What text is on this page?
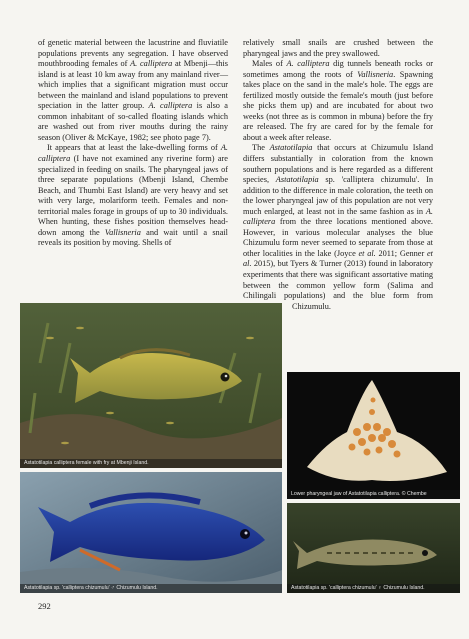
of genetic material between the lacustrine and fluviatile populations prevents any segregation. I have observed mouthbrooding females of A. calliptera at Mbenji—this island is at least 10 km away from any mainland river—which implies that a significant migration must occur between the mainland and island populations to prevent speciation in the latter group. A. calliptera is also a common inhabitant of so-called floating islands which are washed out from river mouths during the rainy season (Oliver & McKaye, 1982; see photo page 7).

It appears that at least the lake-dwelling forms of A. calliptera (I have not examined any riverine form) are specialized in feeding on snails. The pharyngeal jaws of three separate populations (Mbenji Island, Chembe Beach, and Thumbi East Island) are very heavy and set with very large, molariform teeth. Females and non-territorial males forage in groups of up to 30 individuals. When hunting, these fishes position themselves head-down among the Vallisneria and wait until a snail reveals its position by moving. Shells of

relatively small snails are crushed between the pharyngeal jaws and the prey swallowed.

Males of A. calliptera dig tunnels beneath rocks or sometimes among the roots of Vallisneria. Spawning takes place on the sand in the male's hole. The eggs are fertilized mostly outside the female's mouth (just before she picks them up) and are incubated for about two weeks (not three as is common in mbuna) before the fry are released. The fry are cared for by the female for about a week after release.

The Astatotilapia that occurs at Chizumulu Island differs substantially in coloration from the known southern populations and is here regarded as a different species, Astatotilapia sp. 'calliptera chizumulu'. In addition to the difference in male coloration, the teeth on the lower pharyngeal jaw of this population are not very much enlarged, at least not in the same fashion as in A. calliptera from the three locations mentioned above. However, in various molecular analyses the blue Chizumulu form never seemed to separate from those at other localities in the lake (Joyce et al. 2011; Genner et al. 2015), but Tyers & Turner (2013) found in laboratory experiments that there was significant assortative mating between the common yellow form (Salima and Chilingali populations) and the blue form from Chizumulu.

Astatotilapia calliptera female with fry at Mbenji Island.
Lower pharyngeal jaw of Astatotilapia calliptera. © Chembe
Astatotilapia sp. 'calliptera chizumulu' ♂ Chizumulu Island.	Astatotilapia sp. 'calliptera chizumulu' ♀ Chizumulu Island.
292
